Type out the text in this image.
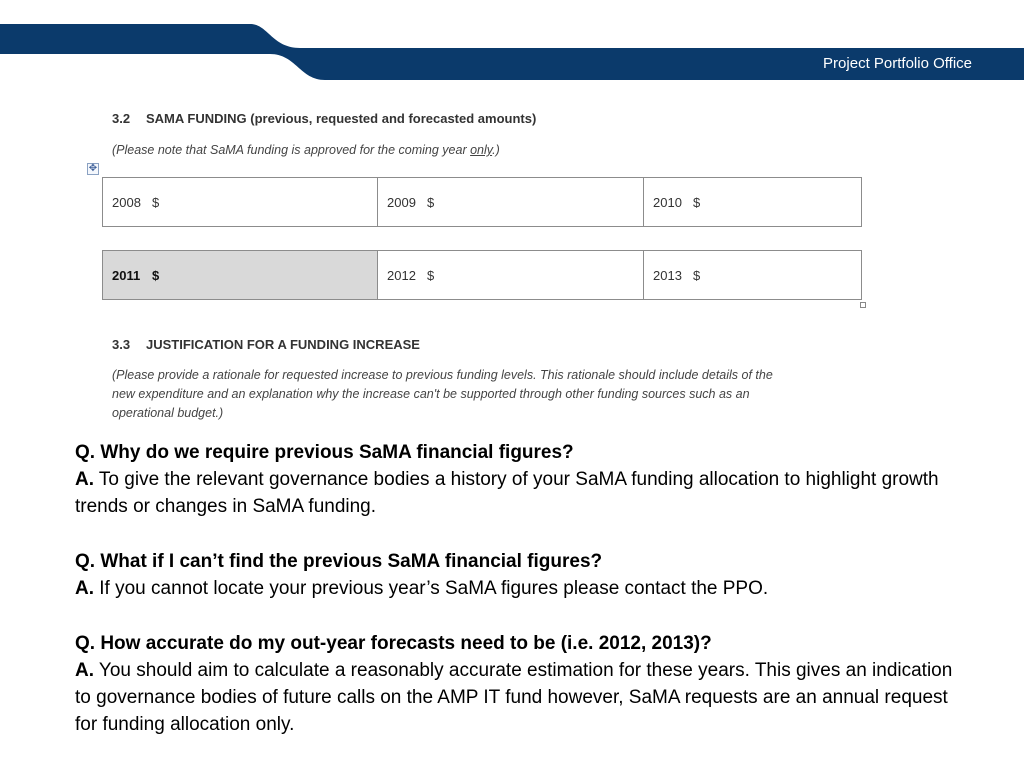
Project Portfolio Office
3.2 SAMA FUNDING (previous, requested and forecasted amounts)
(Please note that SaMA funding is approved for the coming year only.)
✥
2008 $	2009 $	2010 $
2011 $	2012 $	2013 $
3.3 JUSTIFICATION FOR A FUNDING INCREASE
(Please provide a rationale for requested increase to previous funding levels. This rationale should include details of the
new expenditure and an explanation why the increase can't be supported through other funding sources such as an
operational budget.)

Q. Why do we require previous SaMA financial figures?

A. To give the relevant governance bodies a history of your SaMA funding allocation to highlight growth trends or changes in SaMA funding.

Q. What if I can’t find the previous SaMA financial figures?

A. If you cannot locate your previous year’s SaMA figures please contact the PPO.

Q. How accurate do my out-year forecasts need to be (i.e. 2012, 2013)?

A. You should aim to calculate a reasonably accurate estimation for these years. This gives an indication to governance bodies of future calls on the AMP IT fund however, SaMA requests are an annual request for funding allocation only.
